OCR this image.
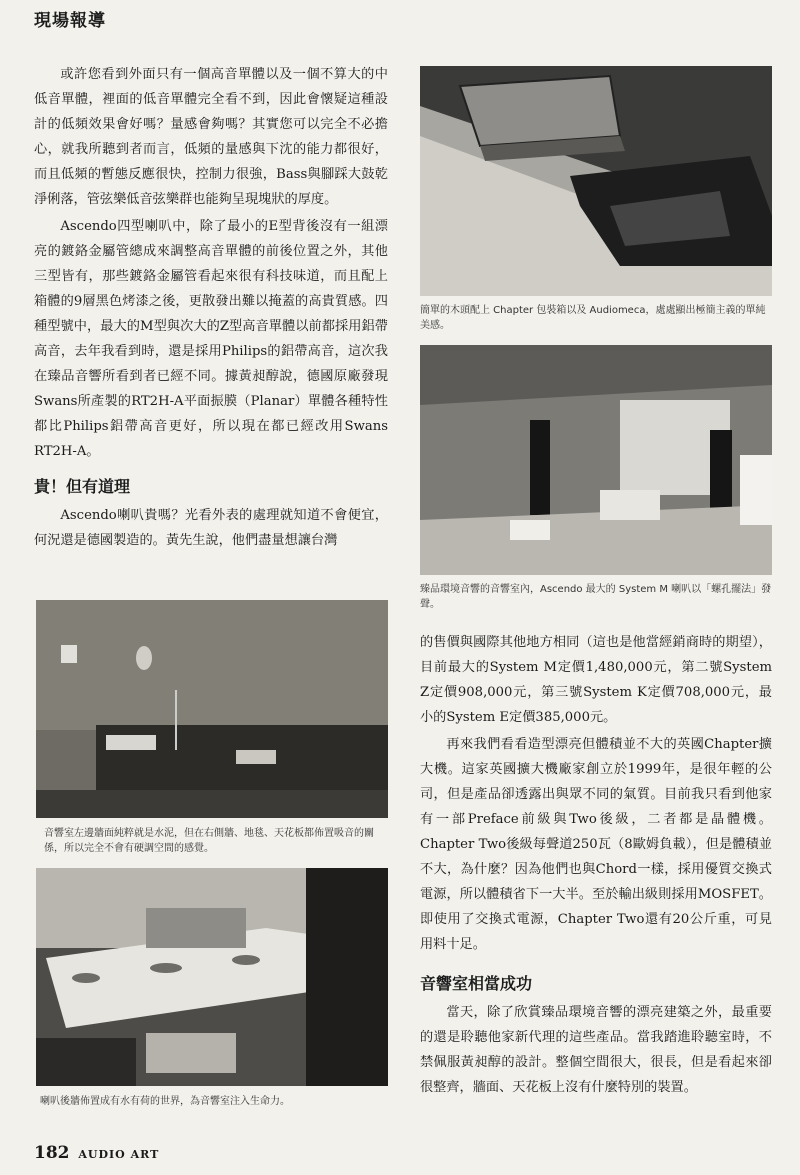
現場報導

或許您看到外面只有一個高音單體以及一個不算大的中低音單體，裡面的低音單體完全看不到，因此會懷疑這種設計的低頻效果會好嗎？量感會夠嗎？其實您可以完全不必擔心，就我所聽到者而言，低頻的量感與下沈的能力都很好，而且低頻的暫態反應很快，控制力很強，Bass與腳踩大鼓乾淨俐落，管弦樂低音弦樂群也能夠呈現塊狀的厚度。

Ascendo四型喇叭中，除了最小的E型背後沒有一組漂亮的鍍鉻金屬管總成來調整高音單體的前後位置之外，其他三型皆有，那些鍍鉻金屬管看起來很有科技味道，而且配上箱體的9層黑色烤漆之後，更散發出難以掩蓋的高貴質感。四種型號中，最大的M型與次大的Z型高音單體以前都採用鋁帶高音，去年我看到時，還是採用Philips的鋁帶高音，這次我在臻品音響所看到者已經不同。據黃昶醇說，德國原廠發現Swans所產製的RT2H-A平面振膜（Planar）單體各種特性都比Philips鋁帶高音更好，所以現在都已經改用Swans RT2H-A。

貴！但有道理

Ascendo喇叭貴嗎？光看外表的處理就知道不會便宜，何況還是德國製造的。黃先生說，他們盡量想讓台灣

簡單的木頭配上 Chapter 包裝箱以及 Audiomeca，處處顯出極簡主義的單純美感。
臻品環境音響的音響室內，Ascendo 最大的 System M 喇叭以「螺孔擺法」發聲。
音響室左邊牆面純粹就是水泥，但在右側牆、地毯、天花板都佈置吸音的關係，所以完全不會有硬調空間的感覺。
喇叭後牆佈置成有水有荷的世界，為音響室注入生命力。

的售價與國際其他地方相同（這也是他當經銷商時的期望），目前最大的System M定價1,480,000元，第二號System Z定價908,000元，第三號System K定價708,000元，最小的System E定價385,000元。

再來我們看看造型漂亮但體積並不大的英國Chapter擴大機。這家英國擴大機廠家創立於1999年，是很年輕的公司，但是產品卻透露出與眾不同的氣質。目前我只看到他家有一部Preface前級與Two後級，二者都是晶體機。Chapter Two後級每聲道250瓦（8歐姆負載），但是體積並不大，為什麼？因為他們也與Chord一樣，採用優質交換式電源，所以體積省下一大半。至於輸出級則採用MOSFET。即使用了交換式電源，Chapter Two還有20公斤重，可見用料十足。

音響室相當成功

當天，除了欣賞臻品環境音響的漂亮建築之外，最重要的還是聆聽他家新代理的這些產品。當我踏進聆聽室時，不禁佩服黃昶醇的設計。整個空間很大，很長，但是看起來卻很整齊，牆面、天花板上沒有什麼特別的裝置。

182 AUDIO ART
